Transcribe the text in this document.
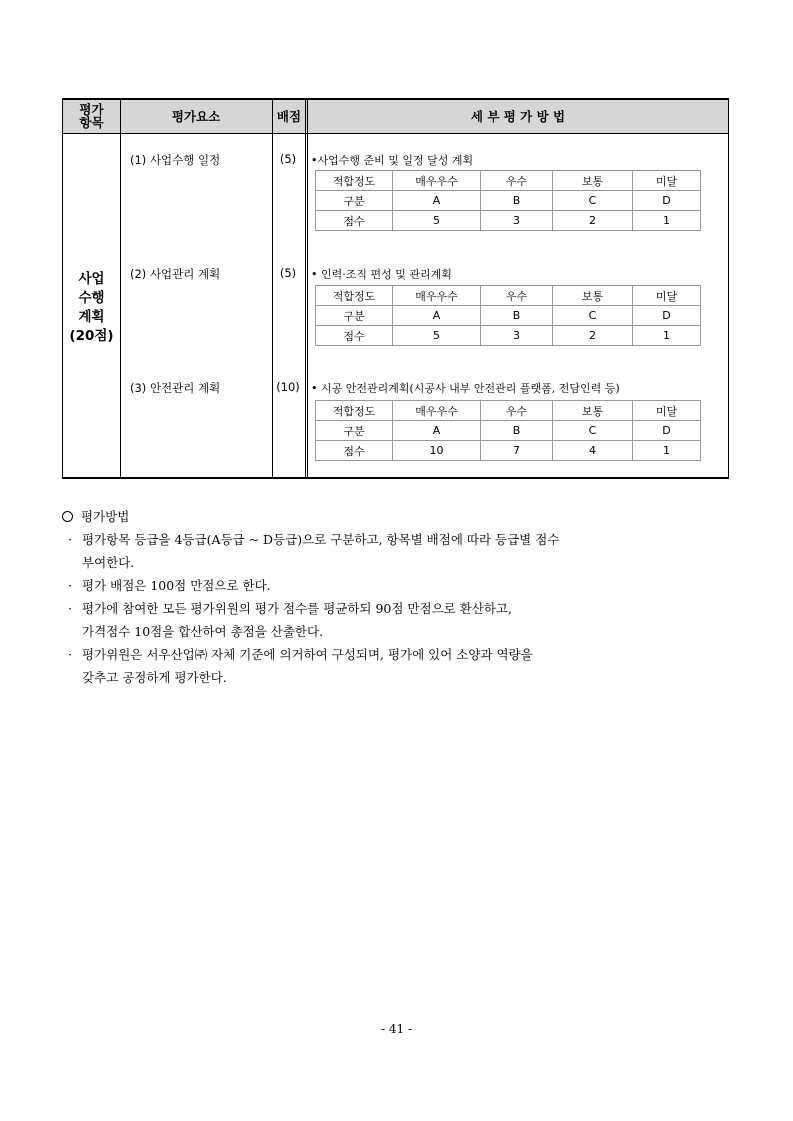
평가
항목	평가요소	배점	세 부 평 가 방 법
사업
수행
계획
(20점)
(1) 사업수행 일정	(5)	•사업수행 준비 및 일정 달성 계획
적합정도	매우우수	우수	보통	미달
구분	A	B	C	D
점수	5	3	2	1
(2) 사업관리 계획	(5)	• 인력·조직 편성 및 관리계획
적합정도	매우우수	우수	보통	미달
구분	A	B	C	D
점수	5	3	2	1
(3) 안전관리 계획	(10)	• 시공 안전관리계획(시공사 내부 안전관리 플랫폼, 전담인력 등)
적합정도	매우우수	우수	보통	미달
구분	A	B	C	D
점수	10	7	4	1
평가방법
· 평가항목 등급을 4등급(A등급 ~ D등급)으로 구분하고, 항목별 배점에 따라 등급별 점수
부여한다.
· 평가 배점은 100점 만점으로 한다.
· 평가에 참여한 모든 평가위원의 평가 점수를 평균하되 90점 만점으로 환산하고,
가격점수 10점을 합산하여 총점을 산출한다.
· 평가위원은 서우산업㈜ 자체 기준에 의거하여 구성되며, 평가에 있어 소양과 역량을
갖추고 공정하게 평가한다.
- 41 -
